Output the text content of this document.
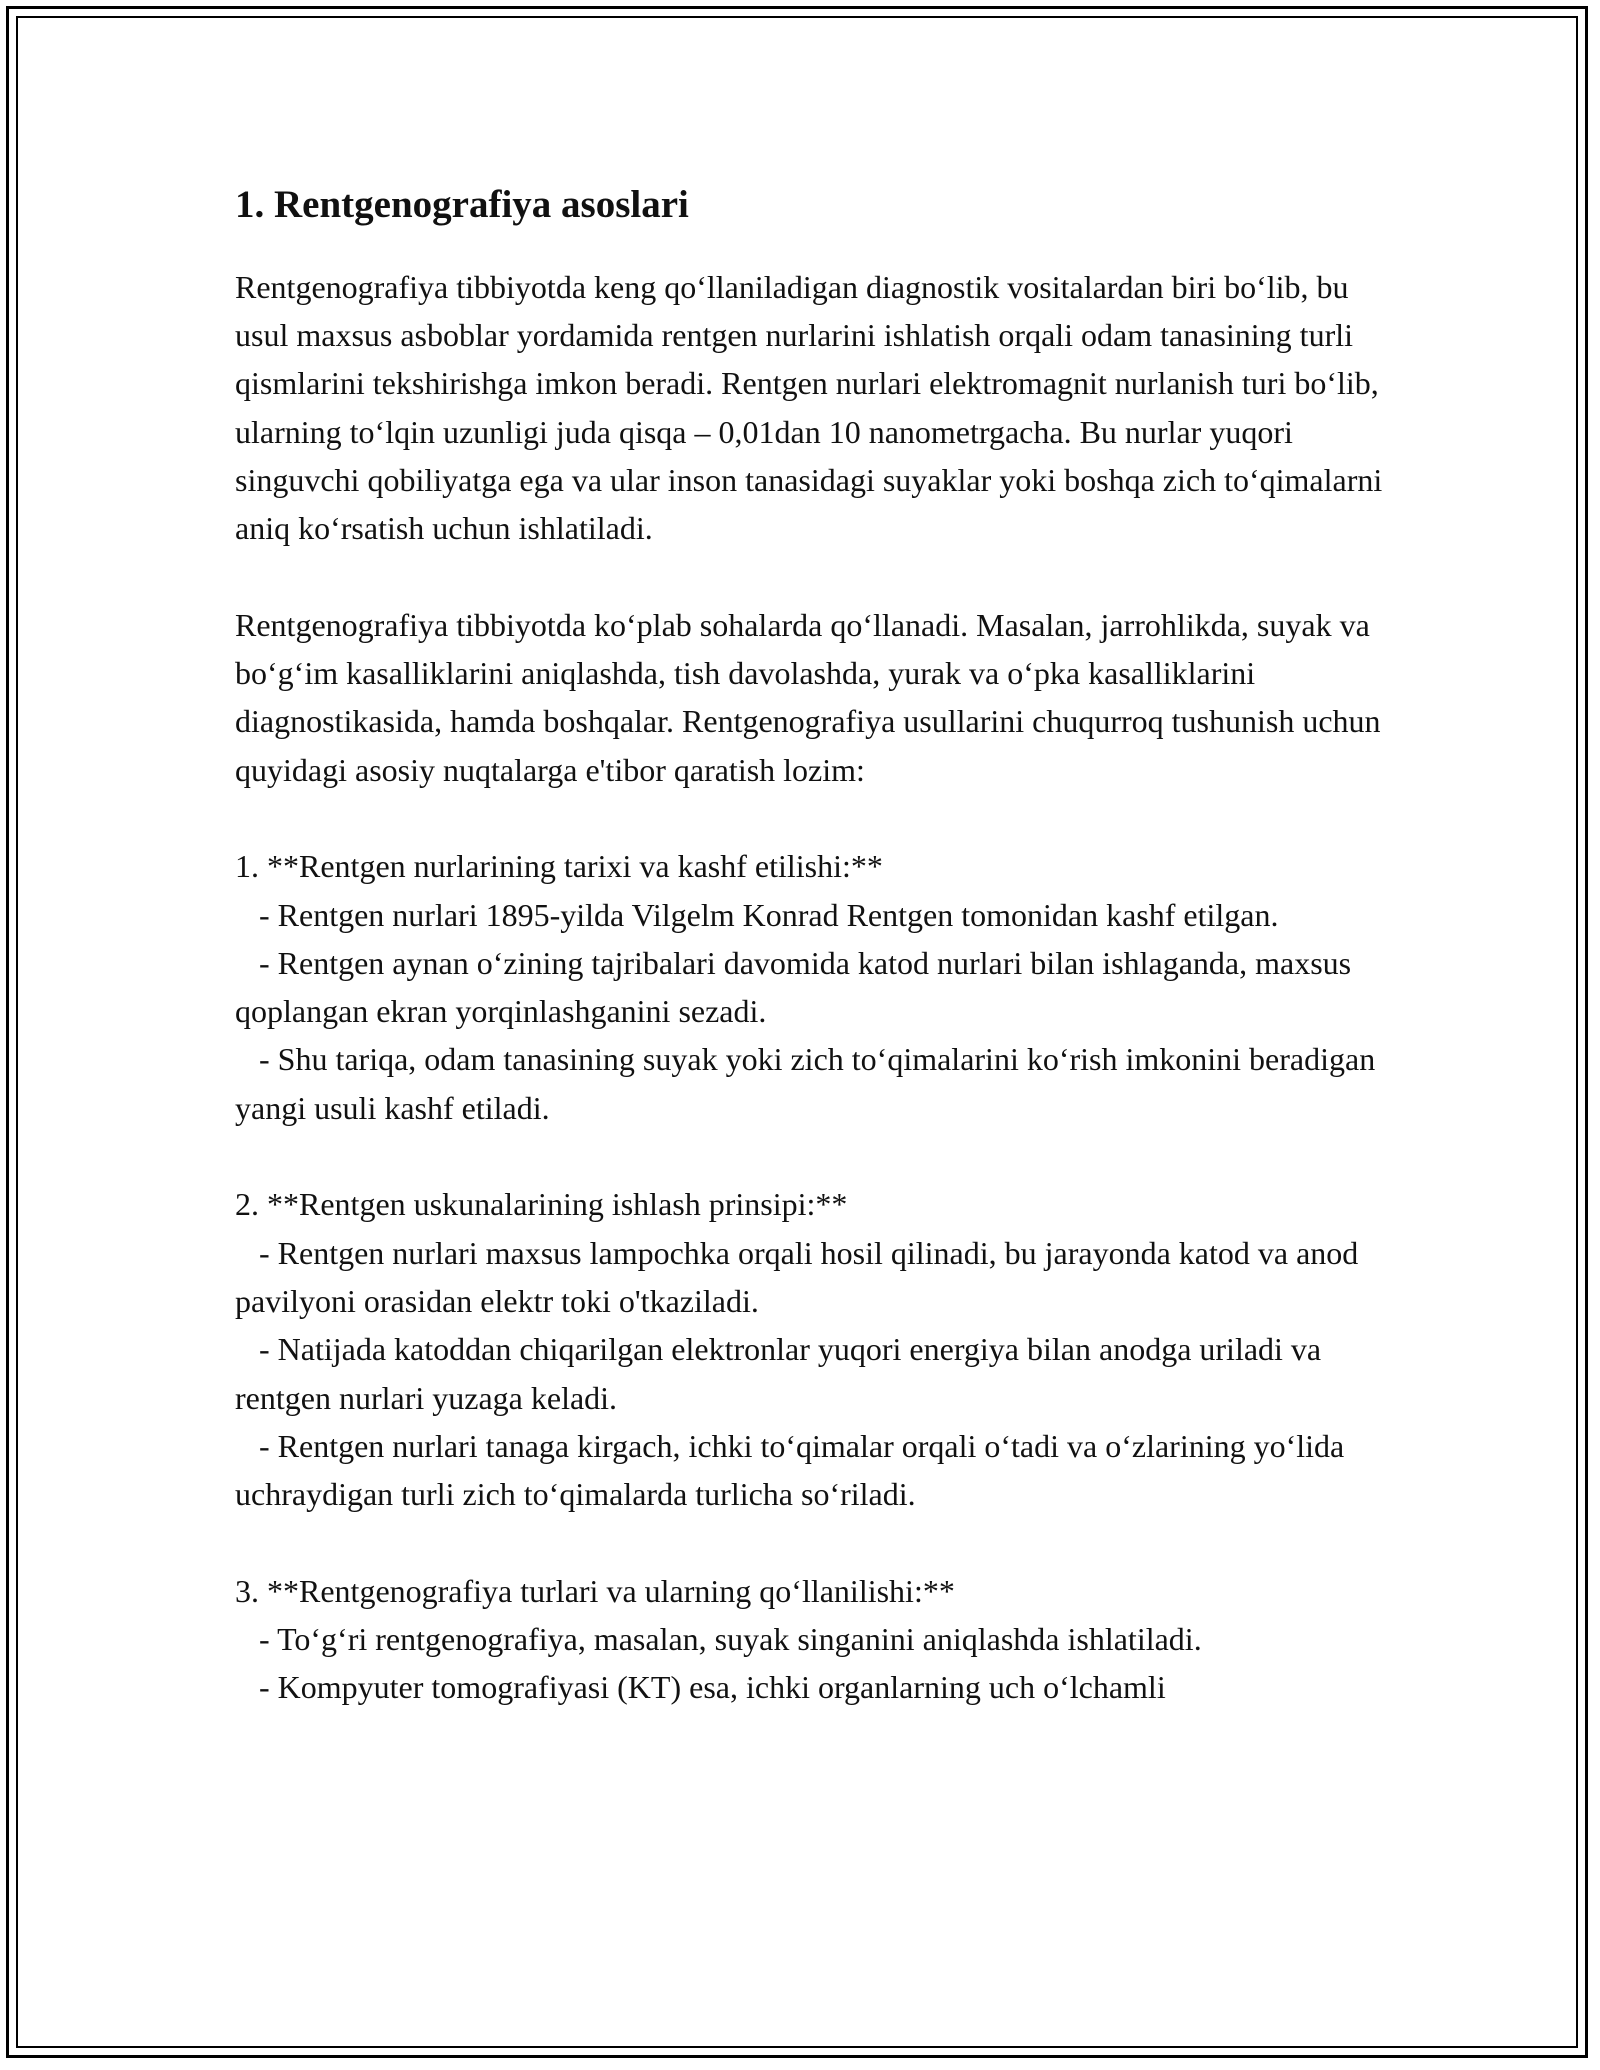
1. Rentgenografiya asoslari

Rentgenografiya tibbiyotda keng qo‘llaniladigan diagnostik vositalardan biri bo‘lib, bu usul maxsus asboblar yordamida rentgen nurlarini ishlatish orqali odam tanasining turli qismlarini tekshirishga imkon beradi. Rentgen nurlari elektromagnit nurlanish turi bo‘lib, ularning to‘lqin uzunligi juda qisqa – 0,01dan 10 nanometrgacha. Bu nurlar yuqori singuvchi qobiliyatga ega va ular inson tanasidagi suyaklar yoki boshqa zich to‘qimalarni aniq ko‘rsatish uchun ishlatiladi.

Rentgenografiya tibbiyotda ko‘plab sohalarda qo‘llanadi. Masalan, jarrohlikda, suyak va bo‘g‘im kasalliklarini aniqlashda, tish davolashda, yurak va o‘pka kasalliklarini diagnostikasida, hamda boshqalar. Rentgenografiya usullarini chuqurroq tushunish uchun quyidagi asosiy nuqtalarga e'tibor qaratish lozim:

1. **Rentgen nurlarining tarixi va kashf etilishi:**
- Rentgen nurlari 1895-yilda Vilgelm Konrad Rentgen tomonidan kashf etilgan.
- Rentgen aynan o‘zining tajribalari davomida katod nurlari bilan ishlaganda, maxsus qoplangan ekran yorqinlashganini sezadi.
- Shu tariqa, odam tanasining suyak yoki zich to‘qimalarini ko‘rish imkonini beradigan yangi usuli kashf etiladi.

2. **Rentgen uskunalarining ishlash prinsipi:**
- Rentgen nurlari maxsus lampochka orqali hosil qilinadi, bu jarayonda katod va anod pavilyoni orasidan elektr toki o'tkaziladi.
- Natijada katoddan chiqarilgan elektronlar yuqori energiya bilan anodga uriladi va rentgen nurlari yuzaga keladi.
- Rentgen nurlari tanaga kirgach, ichki to‘qimalar orqali o‘tadi va o‘zlarining yo‘lida uchraydigan turli zich to‘qimalarda turlicha so‘riladi.

3. **Rentgenografiya turlari va ularning qo‘llanilishi:**
- To‘g‘ri rentgenografiya, masalan, suyak singanini aniqlashda ishlatiladi.
- Kompyuter tomografiyasi (KT) esa, ichki organlarning uch o‘lchamli
